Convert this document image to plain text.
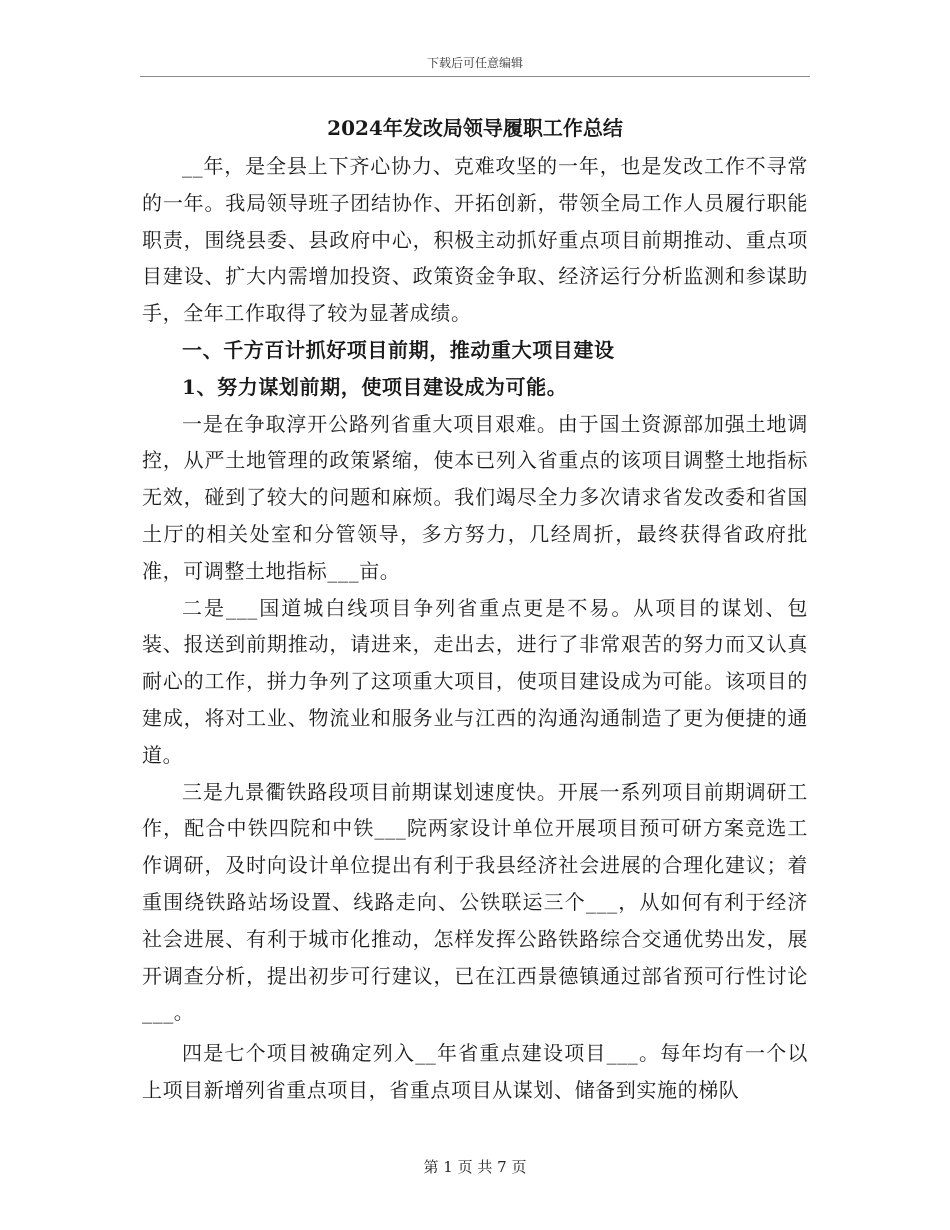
下载后可任意编辑
2024年发改局领导履职工作总结

__年，是全县上下齐心协力、克难攻坚的一年，也是发改工作不寻常的一年。我局领导班子团结协作、开拓创新，带领全局工作人员履行职能职责，围绕县委、县政府中心，积极主动抓好重点项目前期推动、重点项目建设、扩大内需增加投资、政策资金争取、经济运行分析监测和参谋助手，全年工作取得了较为显著成绩。

一、千方百计抓好项目前期，推动重大项目建设

1、努力谋划前期，使项目建设成为可能。

一是在争取淳开公路列省重大项目艰难。由于国土资源部加强土地调控，从严土地管理的政策紧缩，使本已列入省重点的该项目调整土地指标无效，碰到了较大的问题和麻烦。我们竭尽全力多次请求省发改委和省国土厅的相关处室和分管领导，多方努力，几经周折，最终获得省政府批准，可调整土地指标___亩。

二是___国道城白线项目争列省重点更是不易。从项目的谋划、包装、报送到前期推动，请进来，走出去，进行了非常艰苦的努力而又认真耐心的工作，拼力争列了这项重大项目，使项目建设成为可能。该项目的建成，将对工业、物流业和服务业与江西的沟通沟通制造了更为便捷的通道。

三是九景衢铁路段项目前期谋划速度快。开展一系列项目前期调研工作，配合中铁四院和中铁___院两家设计单位开展项目预可研方案竞选工作调研，及时向设计单位提出有利于我县经济社会进展的合理化建议；着重围绕铁路站场设置、线路走向、公铁联运三个___，从如何有利于经济社会进展、有利于城市化推动，怎样发挥公路铁路综合交通优势出发，展开调查分析，提出初步可行建议，已在江西景德镇通过部省预可行性讨论___。

四是七个项目被确定列入__年省重点建设项目___。每年均有一个以上项目新增列省重点项目，省重点项目从谋划、储备到实施的梯队

第 1 页 共 7 页
